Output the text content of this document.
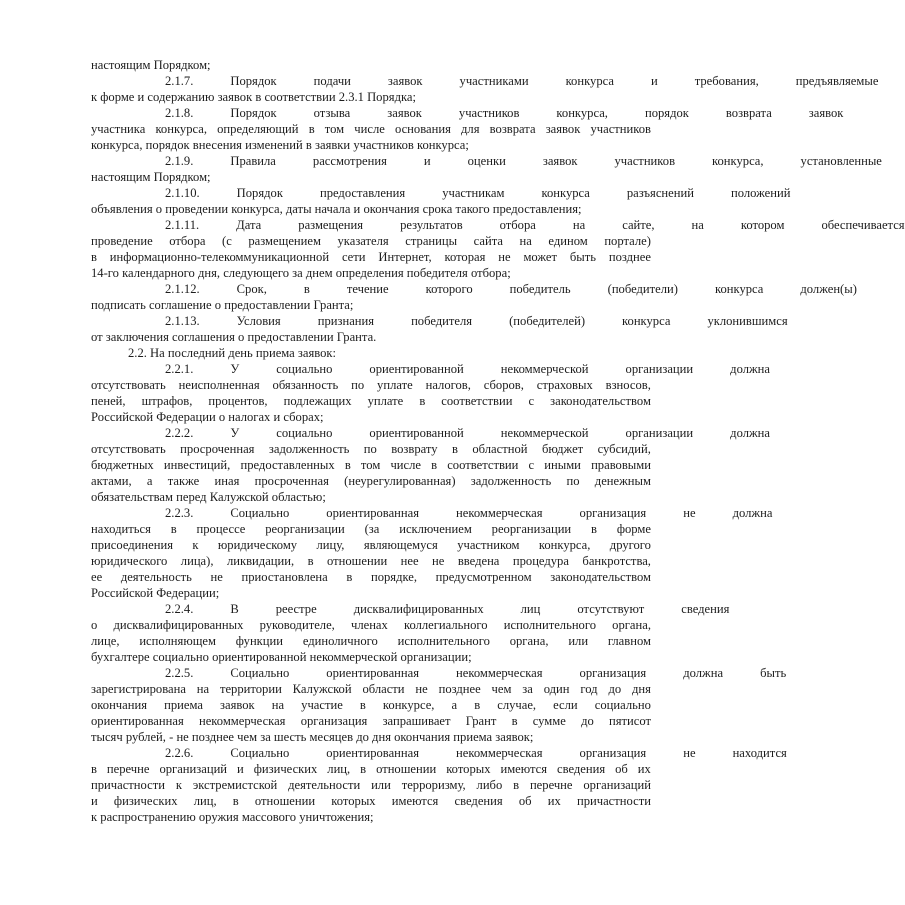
настоящим Порядком;
2.1.7.	Порядок	подачи	заявок	участниками	конкурса	и	требования,	предъявляемые
к форме и содержанию заявок в соответствии 2.3.1 Порядка;
2.1.8.	Порядок	отзыва	заявок	участников	конкурса,	порядок	возврата	заявок
участника конкурса, определяющий в том числе основания для возврата заявок участников
конкурса, порядок внесения изменений в заявки участников конкурса;
2.1.9.	Правила	рассмотрения	и	оценки	заявок	участников	конкурса,	установленные
настоящим Порядком;
2.1.10.	Порядок	предоставления	участникам	конкурса	разъяснений	положений
объявления о проведении конкурса, даты начала и окончания срока такого предоставления;
2.1.11.	Дата	размещения	результатов	отбора	на	сайте,	на	котором	обеспечивается
проведение отбора (с размещением указателя страницы сайта на едином портале)
в информационно-телекоммуникационной сети Интернет, которая не может быть позднее
14-го календарного дня, следующего за днем определения победителя отбора;
2.1.12.	Срок,	в	течение	которого	победитель	(победители)	конкурса	должен(ы)
подписать соглашение о предоставлении Гранта;
2.1.13.	Условия	признания	победителя	(победителей)	конкурса	уклонившимся
от заключения соглашения о предоставлении Гранта.
2.2. На последний день приема заявок:
2.2.1.	У	социально	ориентированной	некоммерческой	организации	должна
отсутствовать неисполненная обязанность по уплате налогов, сборов, страховых взносов,
пеней, штрафов, процентов, подлежащих уплате в соответствии с законодательством
Российской Федерации о налогах и сборах;
2.2.2.	У	социально	ориентированной	некоммерческой	организации	должна
отсутствовать просроченная задолженность по возврату в областной бюджет субсидий,
бюджетных инвестиций, предоставленных в том числе в соответствии с иными правовыми
актами, а также иная просроченная (неурегулированная) задолженность по денежным
обязательствам перед Калужской областью;
2.2.3.	Социально	ориентированная	некоммерческая	организация	не	должна
находиться в процессе реорганизации (за исключением реорганизации в форме
присоединения к юридическому лицу, являющемуся участником конкурса, другого
юридического лица), ликвидации, в отношении нее не введена процедура банкротства,
ее деятельность не приостановлена в порядке, предусмотренном законодательством
Российской Федерации;
2.2.4.	В	реестре	дисквалифицированных	лиц	отсутствуют	сведения
о дисквалифицированных руководителе, членах коллегиального исполнительного органа,
лице, исполняющем функции единоличного исполнительного органа, или главном
бухгалтере социально ориентированной некоммерческой организации;
2.2.5.	Социально	ориентированная	некоммерческая	организация	должна	быть
зарегистрирована на территории Калужской области не позднее чем за один год до дня
окончания приема заявок на участие в конкурсе, а в случае, если социально
ориентированная некоммерческая организация запрашивает Грант в сумме до пятисот
тысяч рублей, - не позднее чем за шесть месяцев до дня окончания приема заявок;
2.2.6.	Социально	ориентированная	некоммерческая	организация	не	находится
в перечне организаций и физических лиц, в отношении которых имеются сведения об их
причастности к экстремистской деятельности или терроризму, либо в перечне организаций
и физических лиц, в отношении которых имеются сведения об их причастности
к распространению оружия массового уничтожения;
